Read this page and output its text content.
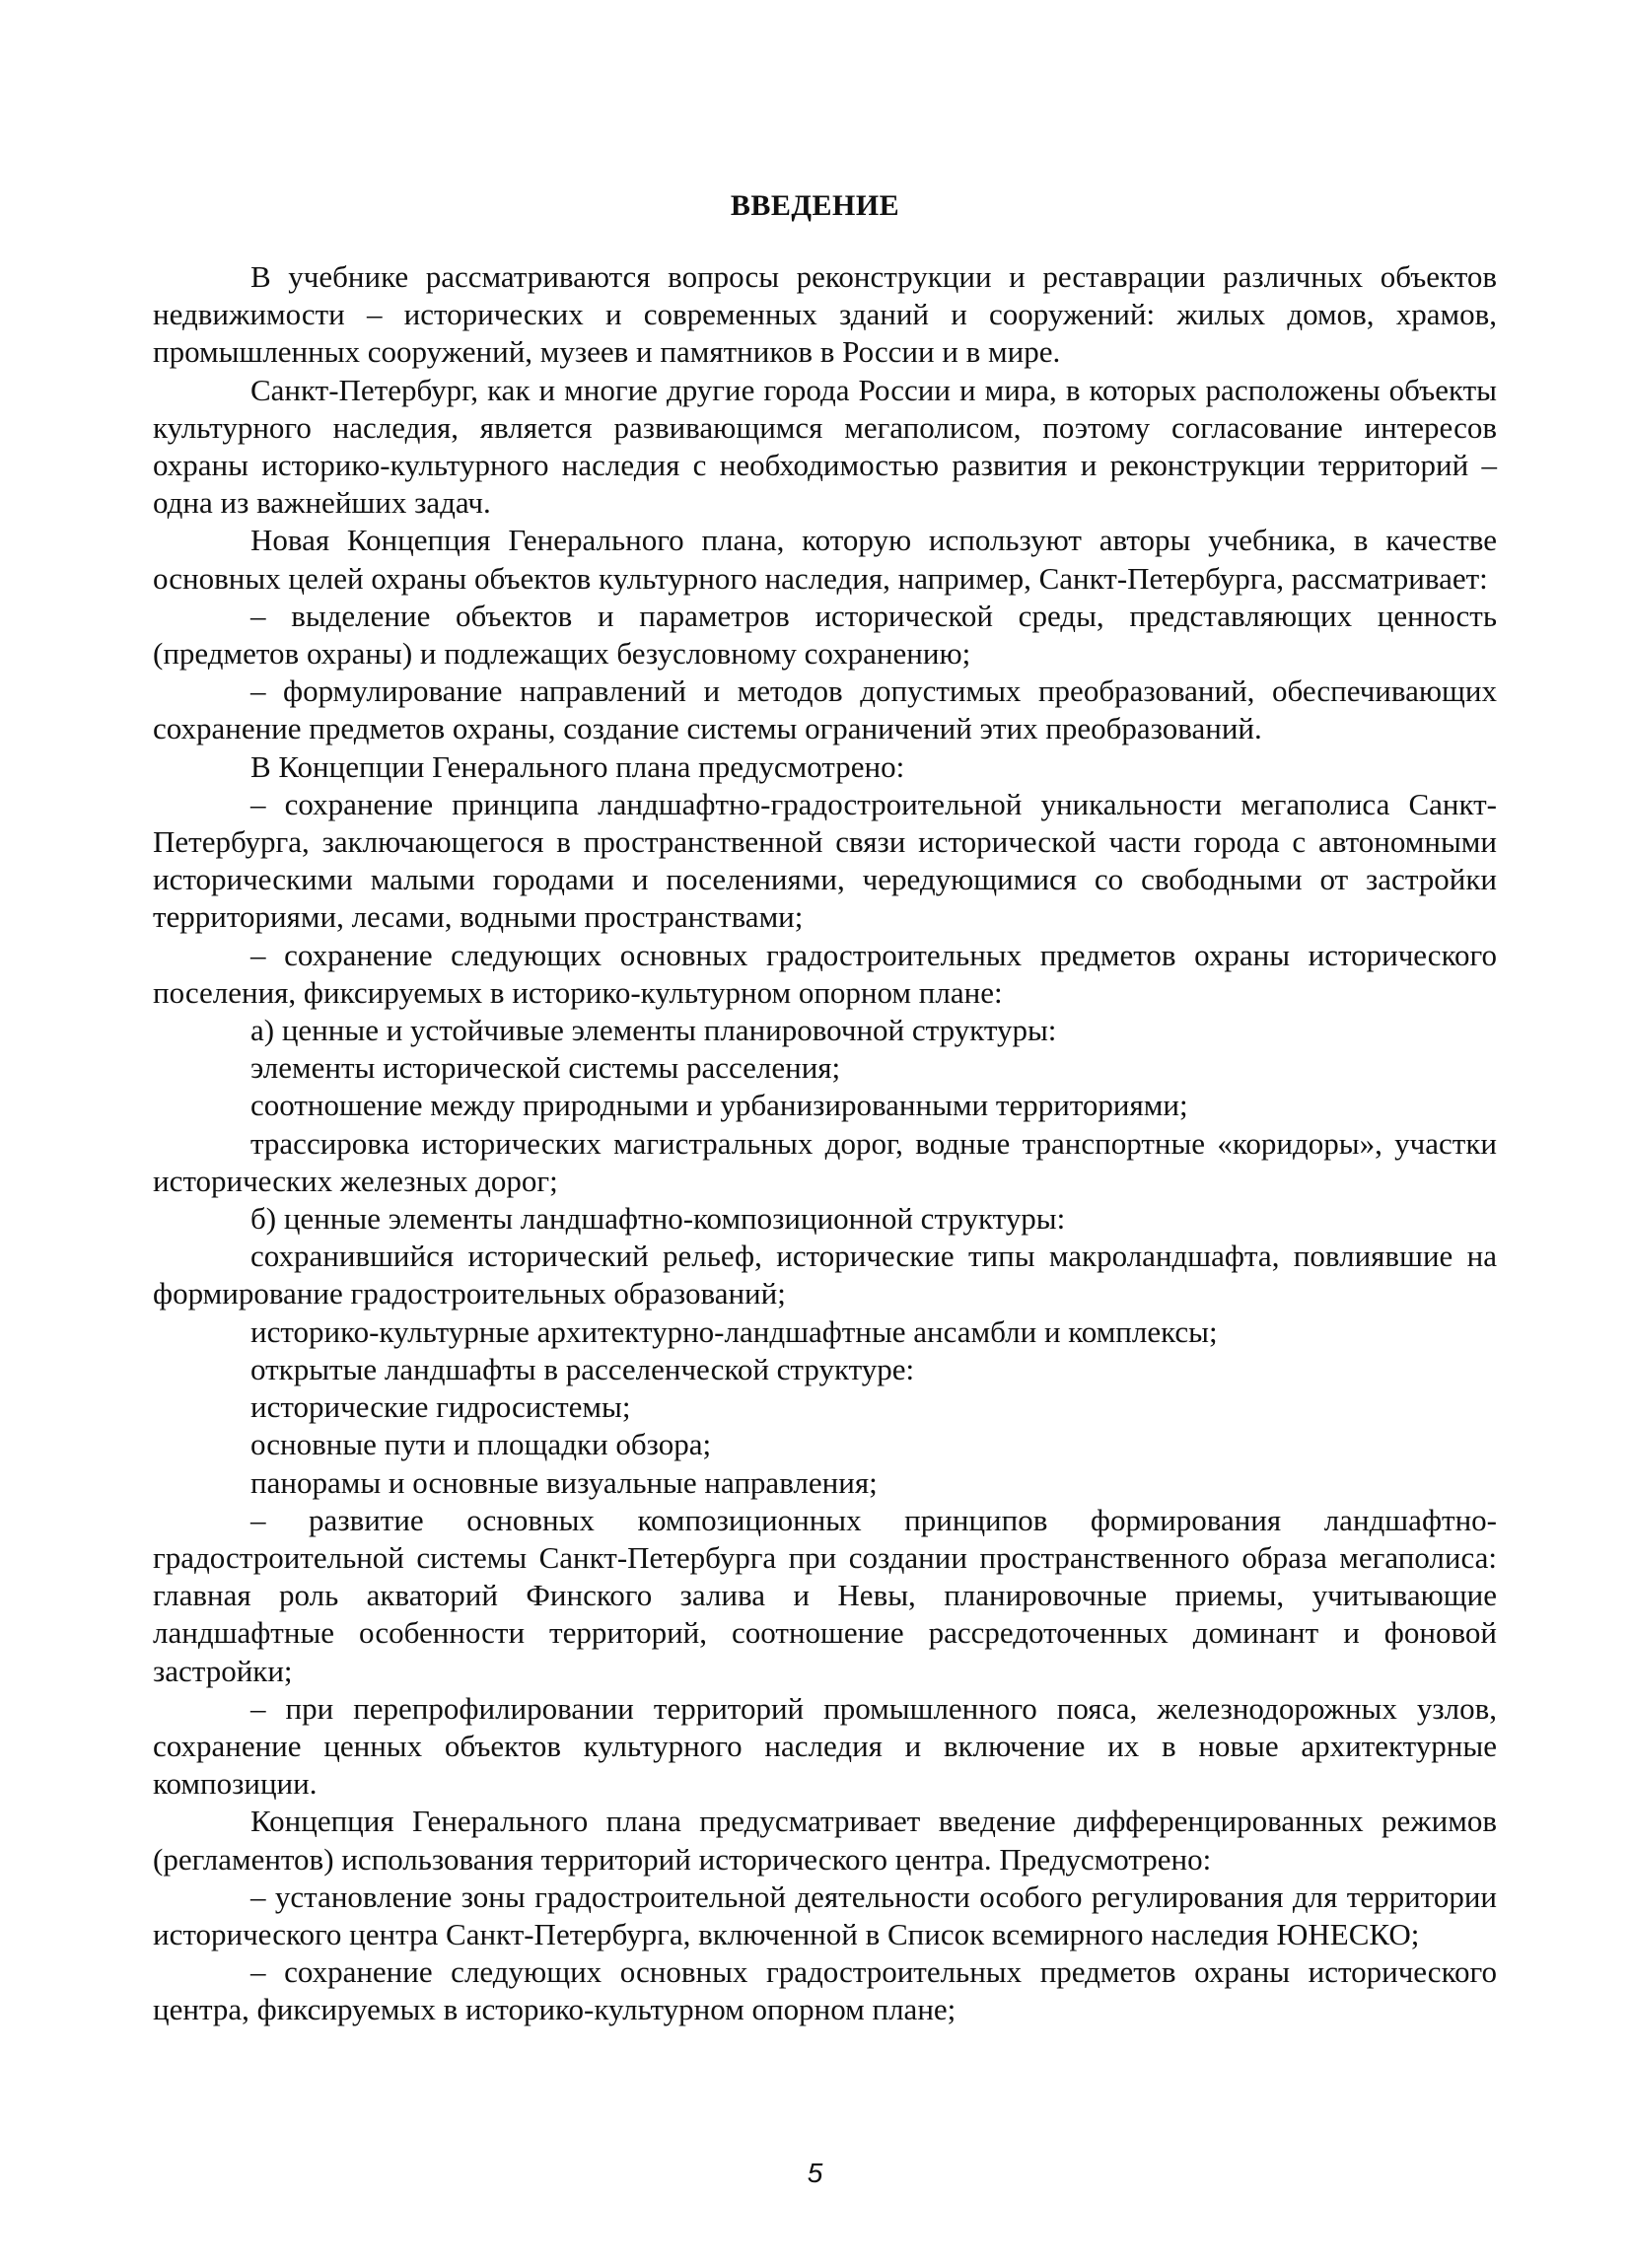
ВВЕДЕНИЕ

В учебнике рассматриваются вопросы реконструкции и реставрации различных объектов недвижимости – исторических и современных зданий и сооружений: жилых домов, храмов, промышленных сооружений, музеев и памятников в России и в мире.

Санкт-Петербург, как и многие другие города России и мира, в которых расположены объекты культурного наследия, является развивающимся мегаполисом, поэтому согласование интересов охраны историко-культурного наследия с необходимостью развития и реконструкции территорий – одна из важнейших задач.

Новая Концепция Генерального плана, которую используют авторы учебника, в качестве основных целей охраны объектов культурного наследия, например, Санкт-Петербурга, рассматривает:

– выделение объектов и параметров исторической среды, представляющих ценность (предметов охраны) и подлежащих безусловному сохранению;

– формулирование направлений и методов допустимых преобразований, обеспечивающих сохранение предметов охраны, создание системы ограничений этих преобразований.

В Концепции Генерального плана предусмотрено:

– сохранение принципа ландшафтно-градостроительной уникальности мегаполиса Санкт-Петербурга, заключающегося в пространственной связи исторической части города с автономными историческими малыми городами и поселениями, чередующимися со свободными от застройки территориями, лесами, водными пространствами;

– сохранение следующих основных градостроительных предметов охраны исторического поселения, фиксируемых в историко-культурном опорном плане:

а) ценные и устойчивые элементы планировочной структуры:

элементы исторической системы расселения;

соотношение между природными и урбанизированными территориями;

трассировка исторических магистральных дорог, водные транспортные «коридоры», участки исторических железных дорог;

б) ценные элементы ландшафтно-композиционной структуры:

сохранившийся исторический рельеф, исторические типы макроландшафта, повлиявшие на формирование градостроительных образований;

историко-культурные архитектурно-ландшафтные ансамбли и комплексы;

открытые ландшафты в расселенческой структуре:

исторические гидросистемы;

основные пути и площадки обзора;

панорамы и основные визуальные направления;

– развитие основных композиционных принципов формирования ландшафтно-градостроительной системы Санкт-Петербурга при создании пространственного образа мегаполиса: главная роль акваторий Финского залива и Невы, планировочные приемы, учитывающие ландшафтные особенности территорий, соотношение рассредоточенных доминант и фоновой застройки;

– при перепрофилировании территорий промышленного пояса, железнодорожных узлов, сохранение ценных объектов культурного наследия и включение их в новые архитектурные композиции.

Концепция Генерального плана предусматривает введение дифференцированных режимов (регламентов) использования территорий исторического центра. Предусмотрено:

– установление зоны градостроительной деятельности особого регулирования для территории исторического центра Санкт-Петербурга, включенной в Список всемирного наследия ЮНЕСКО;

– сохранение следующих основных градостроительных предметов охраны исторического центра, фиксируемых в историко-культурном опорном плане;

5
